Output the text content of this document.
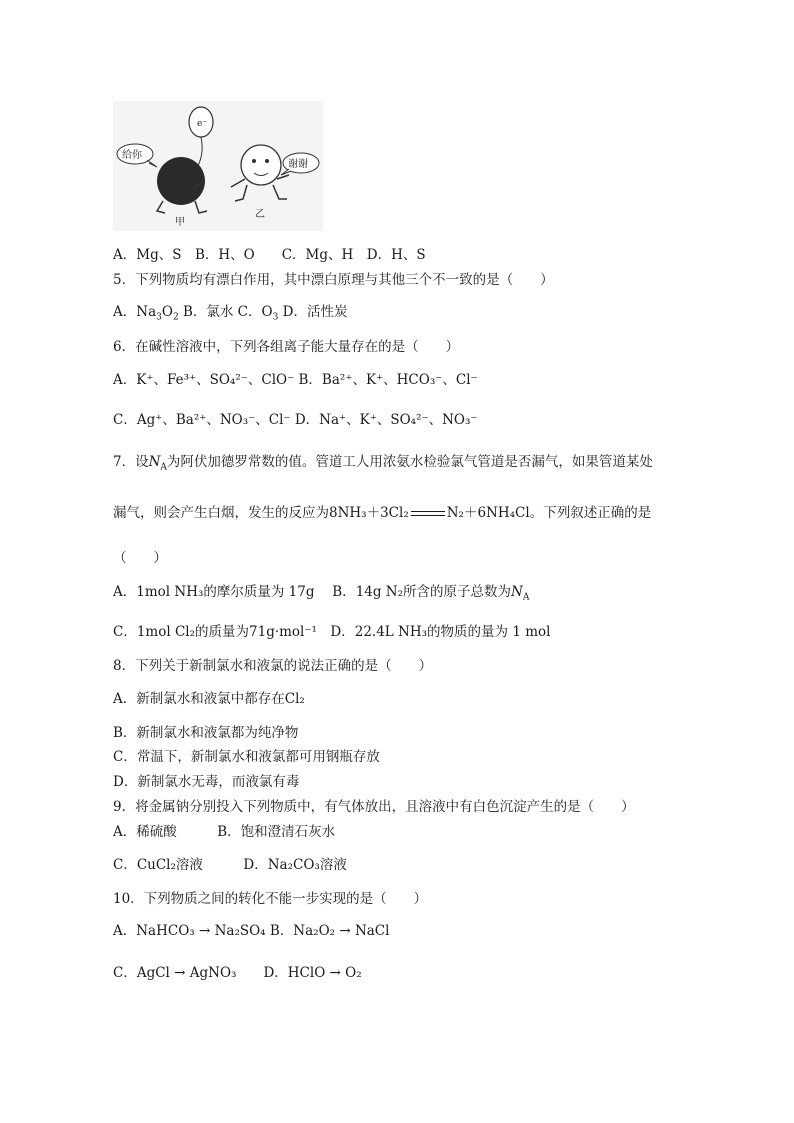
e⁻
给你
谢谢
甲
乙
A．Mg、S　B．H、O　　C．Mg、H　D．H、S
5．下列物质均有漂白作用，其中漂白原理与其他三个不一致的是（　　）
A．$Na_3O_2$ B．氯水 C．$O_3$ D．活性炭
6．在碱性溶液中，下列各组离子能大量存在的是（　　）
A．K⁺、Fe³⁺、SO₄²⁻、ClO⁻ B．Ba²⁺、K⁺、HCO₃⁻、Cl⁻
C．Ag⁺、Ba²⁺、NO₃⁻、Cl⁻ D．Na⁺、K⁺、SO₄²⁻、NO₃⁻
7．设$N_A$为阿伏加德罗常数的值。管道工人用浓氨水检验氯气管道是否漏气，如果管道某处
漏气，则会产生白烟，发生的反应为8NH₃＋3Cl₂	N₂＋6NH₄Cl。下列叙述正确的是
（　　）
A．1mol NH₃的摩尔质量为 17g　 B．14g N₂所含的原子总数为$N_A$
C．1mol Cl₂的质量为71g·mol⁻¹　D．22.4L NH₃的物质的量为 1 mol
8．下列关于新制氯水和液氯的说法正确的是（　　）
A．新制氯水和液氯中都存在Cl₂
B．新制氯水和液氯都为纯净物
C．常温下，新制氯水和液氯都可用钢瓶存放
D．新制氯水无毒，而液氯有毒
9．将金属钠分别投入下列物质中，有气体放出，且溶液中有白色沉淀产生的是（　　）
A．稀硫酸　　　B．饱和澄清石灰水
C．CuCl₂溶液　　　D．Na₂CO₃溶液
10．下列物质之间的转化不能一步实现的是（　　）
A．NaHCO₃ → Na₂SO₄ B．Na₂O₂ → NaCl
C．AgCl → AgNO₃　　D．HClO → O₂
